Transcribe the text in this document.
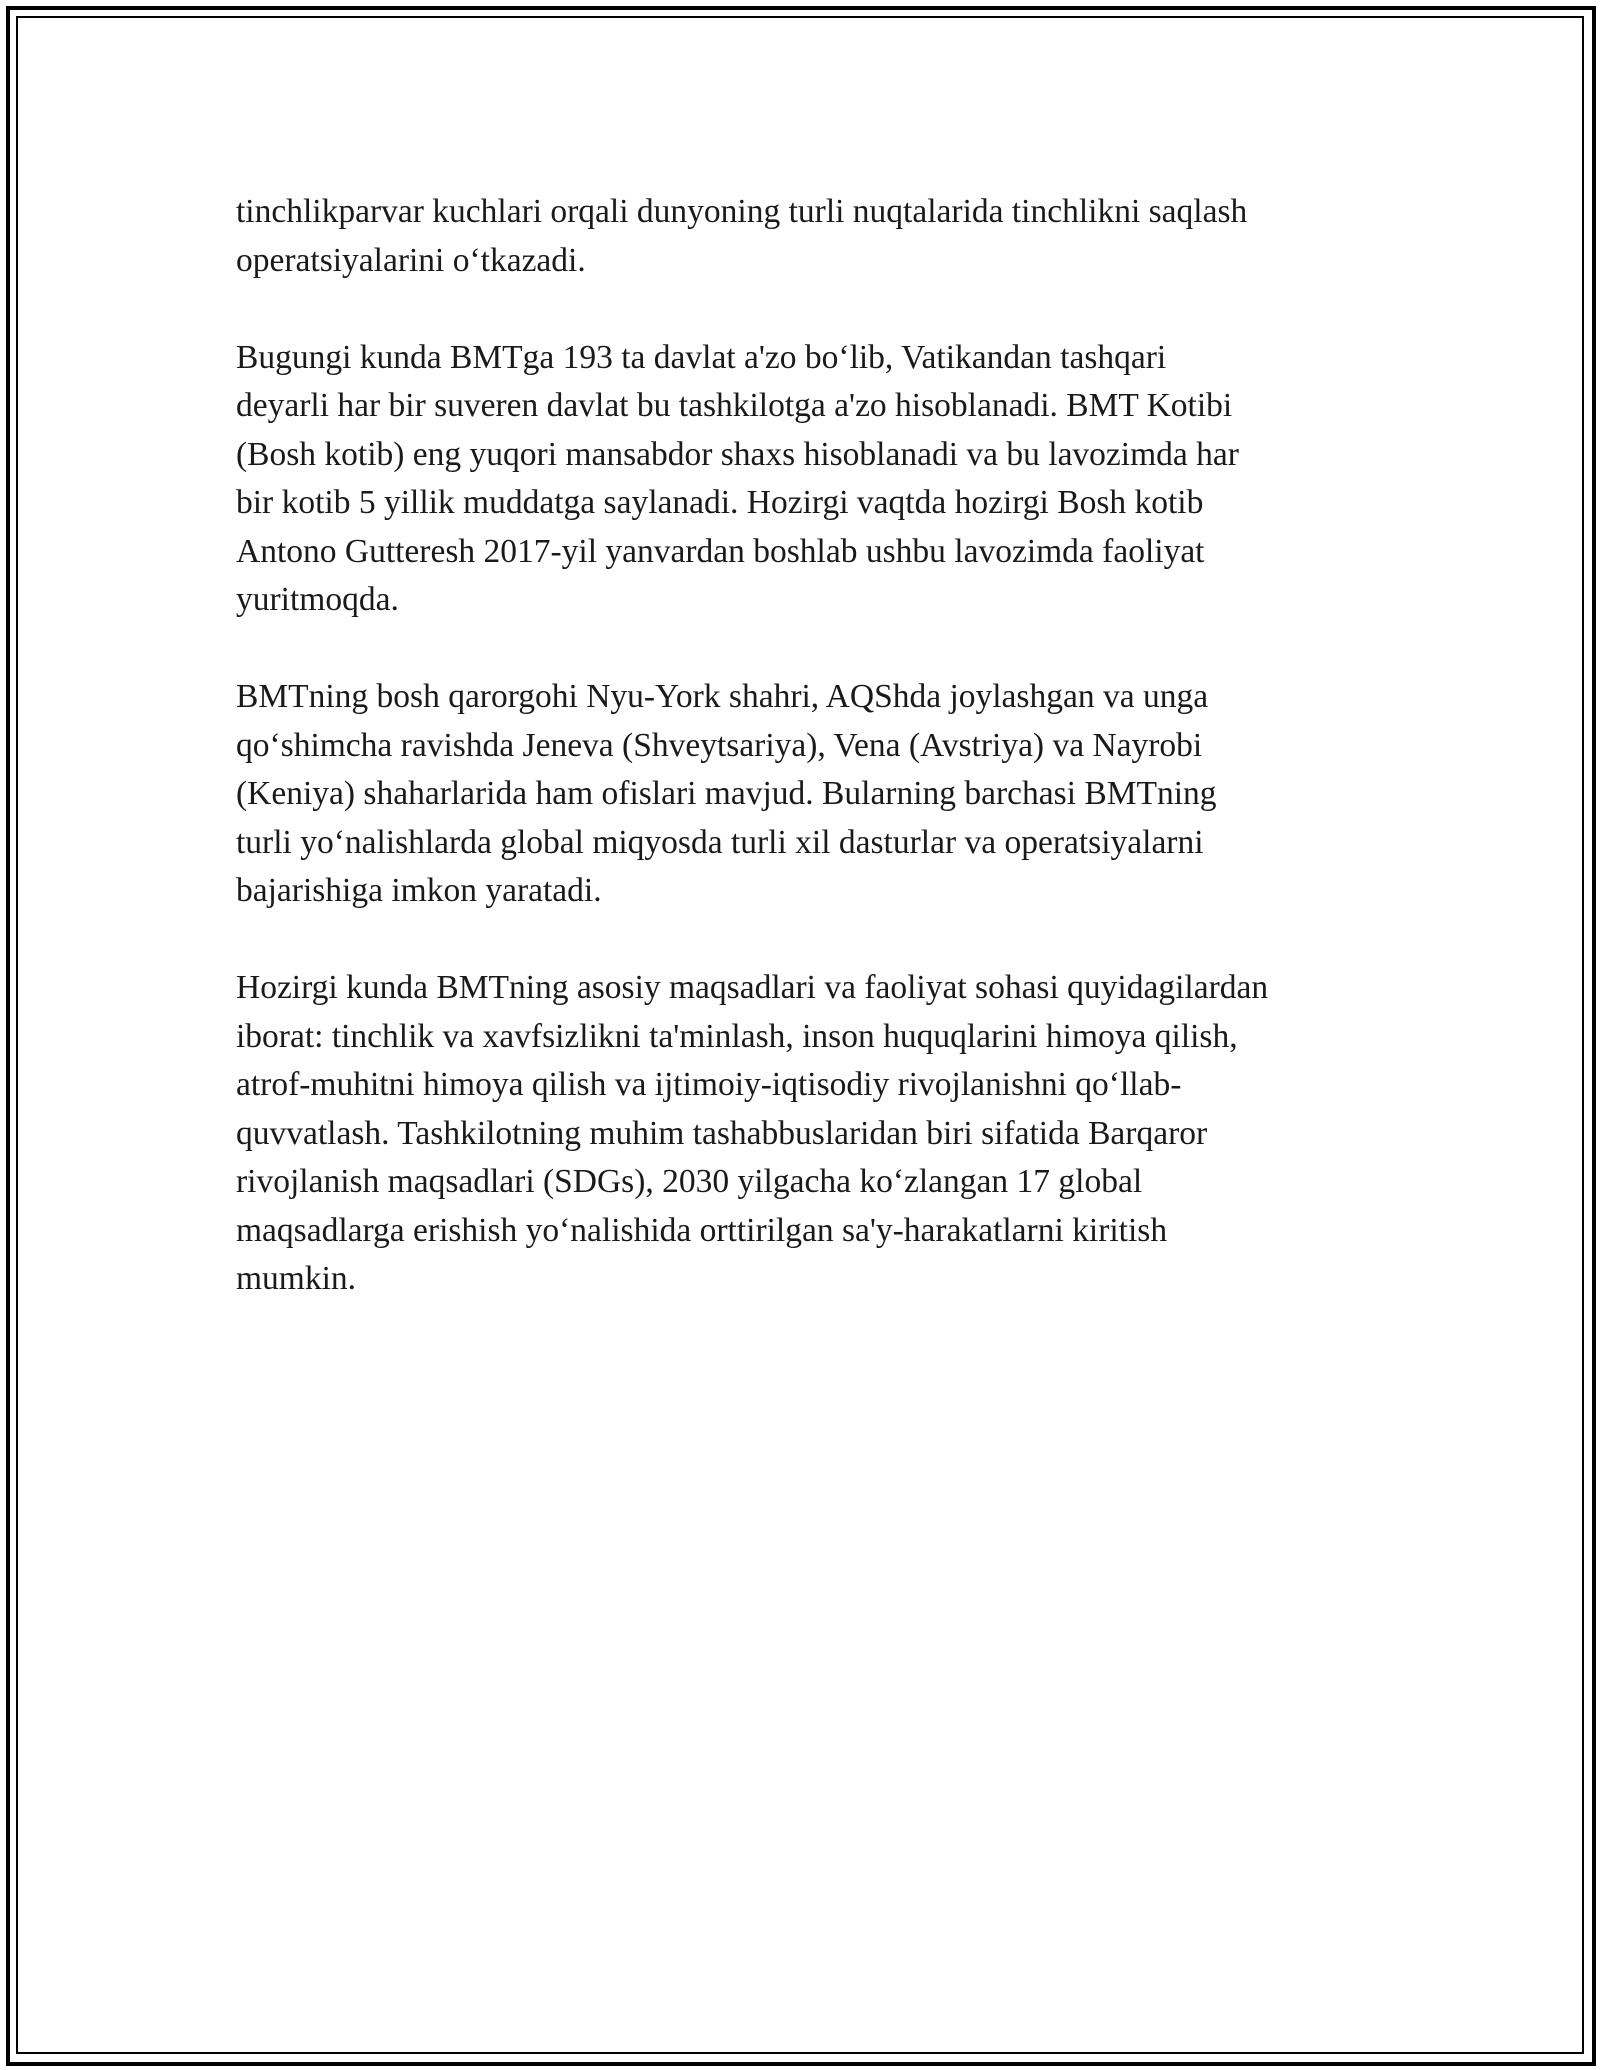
tinchlikparvar kuchlari orqali dunyoning turli nuqtalarida tinchlikni saqlash
operatsiyalarini o‘tkazadi.

Bugungi kunda BMTga 193 ta davlat a'zo bo‘lib, Vatikandan tashqari
deyarli har bir suveren davlat bu tashkilotga a'zo hisoblanadi. BMT Kotibi
(Bosh kotib) eng yuqori mansabdor shaxs hisoblanadi va bu lavozimda har
bir kotib 5 yillik muddatga saylanadi. Hozirgi vaqtda hozirgi Bosh kotib
Antono Gutteresh 2017-yil yanvardan boshlab ushbu lavozimda faoliyat
yuritmoqda.

BMTning bosh qarorgohi Nyu-York shahri, AQShda joylashgan va unga
qo‘shimcha ravishda Jeneva (Shveytsariya), Vena (Avstriya) va Nayrobi
(Keniya) shaharlarida ham ofislari mavjud. Bularning barchasi BMTning
turli yo‘nalishlarda global miqyosda turli xil dasturlar va operatsiyalarni
bajarishiga imkon yaratadi.

Hozirgi kunda BMTning asosiy maqsadlari va faoliyat sohasi quyidagilardan
iborat: tinchlik va xavfsizlikni ta'minlash, inson huquqlarini himoya qilish,
atrof-muhitni himoya qilish va ijtimoiy-iqtisodiy rivojlanishni qo‘llab-
quvvatlash. Tashkilotning muhim tashabbuslaridan biri sifatida Barqaror
rivojlanish maqsadlari (SDGs), 2030 yilgacha ko‘zlangan 17 global
maqsadlarga erishish yo‘nalishida orttirilgan sa'y-harakatlarni kiritish
mumkin.
